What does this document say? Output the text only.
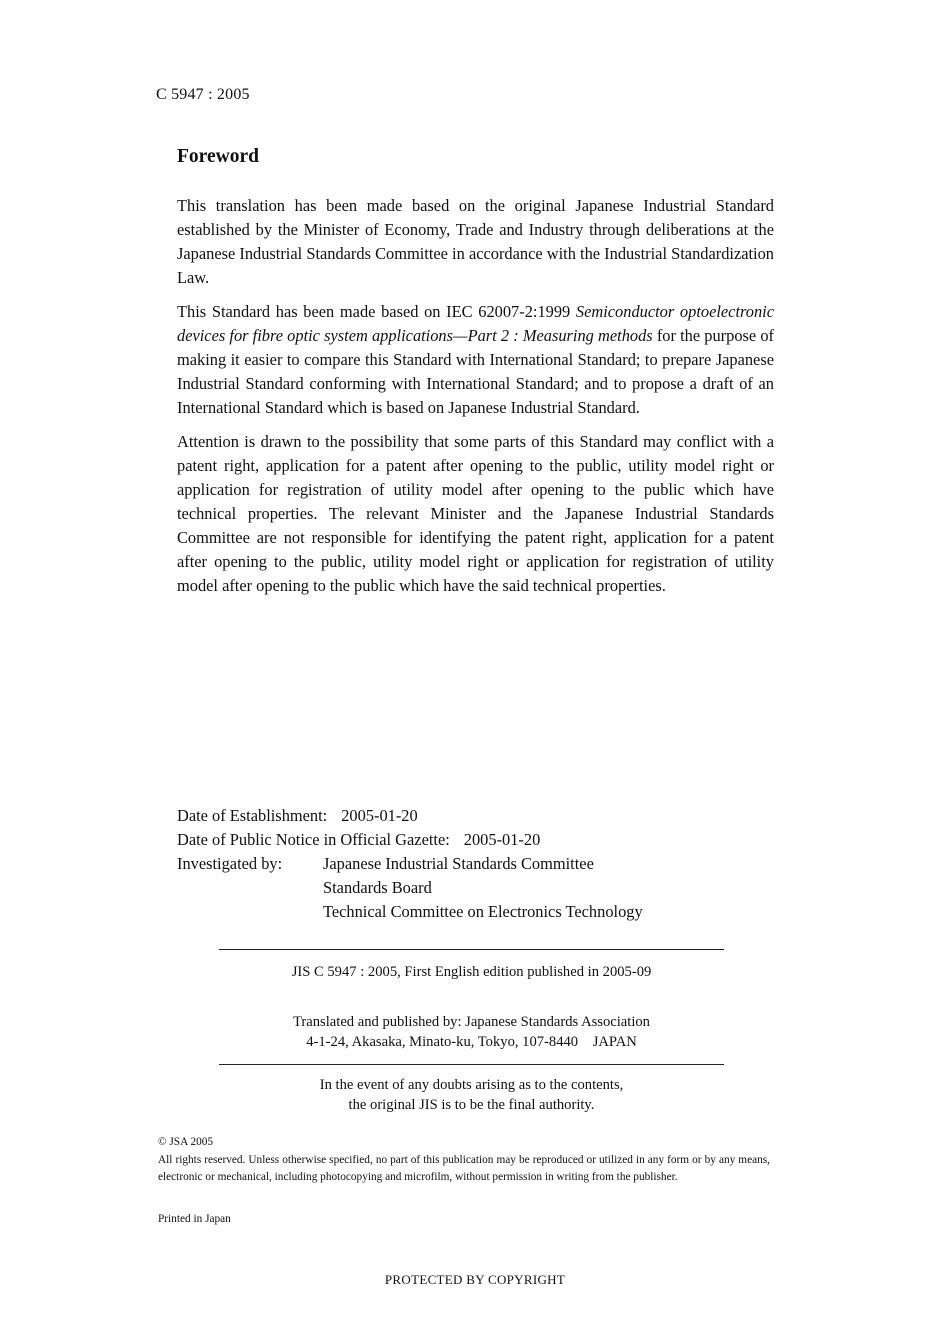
C 5947 : 2005
Foreword

This translation has been made based on the original Japanese Industrial Standard established by the Minister of Economy, Trade and Industry through deliberations at the Japanese Industrial Standards Committee in accordance with the Industrial Standardization Law.

This Standard has been made based on IEC 62007-2:1999 Semiconductor optoelectronic devices for fibre optic system applications—Part 2 : Measuring methods for the purpose of making it easier to compare this Standard with International Standard; to prepare Japanese Industrial Standard conforming with International Standard; and to propose a draft of an International Standard which is based on Japanese Industrial Standard.

Attention is drawn to the possibility that some parts of this Standard may conflict with a patent right, application for a patent after opening to the public, utility model right or application for registration of utility model after opening to the public which have technical properties. The relevant Minister and the Japanese Industrial Standards Committee are not responsible for identifying the patent right, application for a patent after opening to the public, utility model right or application for registration of utility model after opening to the public which have the said technical properties.

Date of Establishment: 2005-01-20
Date of Public Notice in Official Gazette: 2005-01-20
Investigated by: Japanese Industrial Standards Committee
Standards Board
Technical Committee on Electronics Technology
JIS C 5947 : 2005, First English edition published in 2005-09
Translated and published by: Japanese Standards Association
4-1-24, Akasaka, Minato-ku, Tokyo, 107-8440    JAPAN
In the event of any doubts arising as to the contents,
the original JIS is to be the final authority.

© JSA 2005

All rights reserved. Unless otherwise specified, no part of this publication may be reproduced or utilized in any form or by any means, electronic or mechanical, including photocopying and microfilm, without permission in writing from the publisher.

Printed in Japan
PROTECTED BY COPYRIGHT
